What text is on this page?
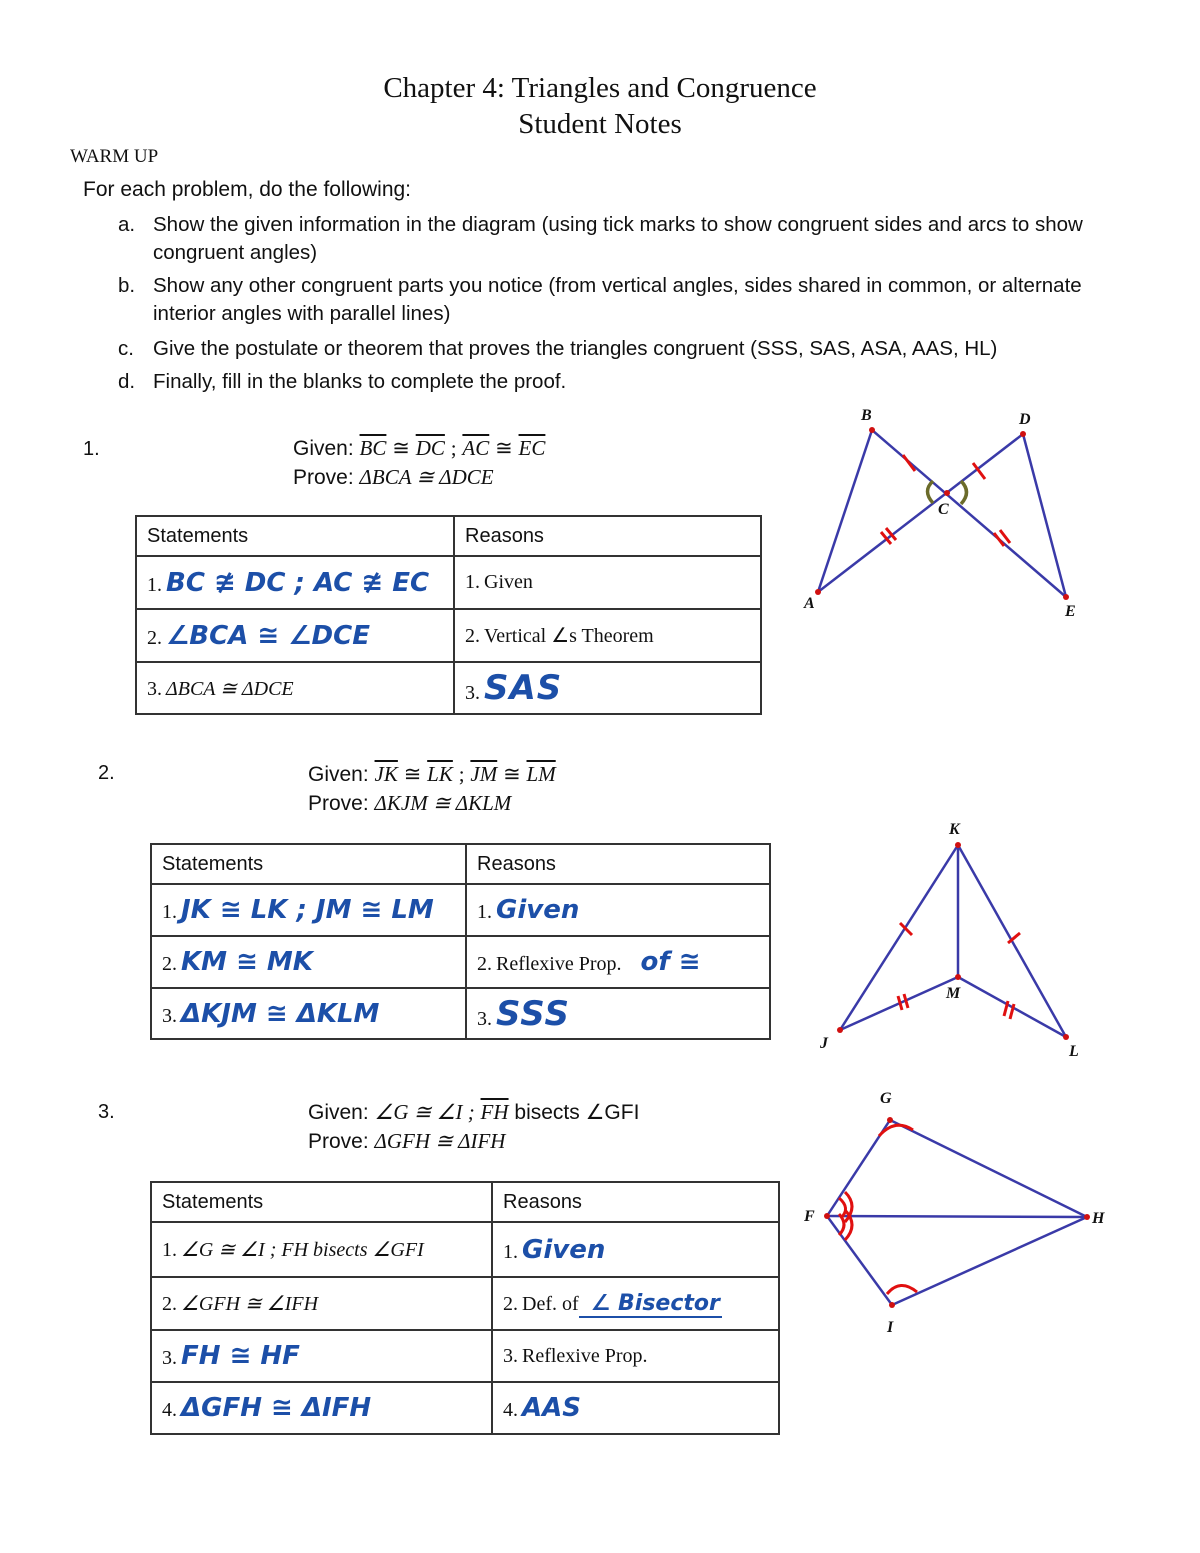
Chapter 4: Triangles and Congruence
Student Notes
WARM UP
For each problem, do the following:
a. Show the given information in the diagram (using tick marks to show congruent sides and arcs to show congruent angles)
b. Show any other congruent parts you notice (from vertical angles, sides shared in common, or alternate interior angles with parallel lines)
c. Give the postulate or theorem that proves the triangles congruent (SSS, SAS, ASA, AAS, HL)
d. Finally, fill in the blanks to complete the proof.
1.	Given: $\overline{BC}$ ≅ $\overline{DC}$ ; $\overline{AC}$ ≅ $\overline{EC}$
Prove: ΔBCA ≅ ΔDCE
Statements	Reasons
1. BC ≇ DC ; AC ≇ EC	1. Given
2. ∠BCA ≅ ∠DCE	2. Vertical ∠s Theorem
3. ΔBCA ≅ ΔDCE	3. SAS
B	D
C
A	E
2.	Given: $\overline{JK}$ ≅ $\overline{LK}$ ; $\overline{JM}$ ≅ $\overline{LM}$
Prove: ΔKJM ≅ ΔKLM
Statements	Reasons
1. JK ≅ LK ; JM ≅ LM	1. Given
2. KM ≅ MK	2. Reflexive Prop. of ≅
3. ΔKJM ≅ ΔKLM	3. SSS
K
M
J	L
3.	Given: ∠G ≅ ∠I ; $\overline{FH}$ bisects ∠GFI
Prove: ΔGFH ≅ ΔIFH
Statements	Reasons
1. ∠G ≅ ∠I ; FH bisects ∠GFI	1. Given
2. ∠GFH ≅ ∠IFH	2. Def. of ∠ Bisector
3. FH ≅ HF	3. Reflexive Prop.
4. ΔGFH ≅ ΔIFH	4. AAS
G
F	H
I
